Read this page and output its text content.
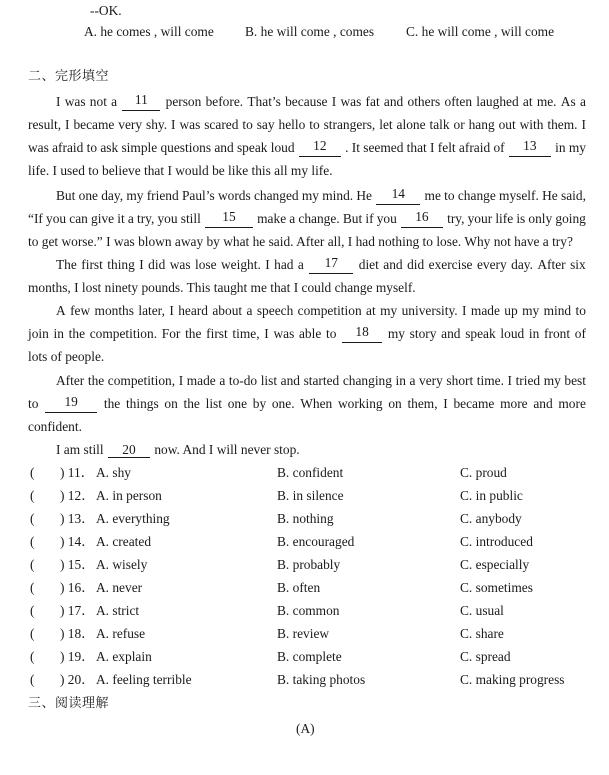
--OK.
A. he comes , will come B. he will come , comes C. he will come , will come
二、完形填空
I was not a	11	person before. That’s because I was fat and others often laughed at me. As a
result, I became very shy. I was scared to say hello to strangers, let alone talk or hang out with them. I
was afraid to ask simple questions and speak loud	12	. It seemed that I felt afraid of	13	in my
life. I used to believe that I would be like this all my life.
But one day, my friend Paul’s words changed my mind. He	14	me to change myself. He said,
“If you can give it a try, you still	15	make a change. But if you	16	try, your life is only going
to get worse.” I was blown away by what he said. After all, I had nothing to lose. Why not have a try?
The first thing I did was lose weight. I had a	17	diet and did exercise every day. After six
months, I lost ninety pounds. This taught me that I could change myself.
A few months later, I heard about a speech competition at my university. I made up my mind to
join in the competition. For the first time, I was able to	18	my story and speak loud in front of
lots of people.
After the competition, I made a to-do list and started changing in a very short time. I tried my best
to	19	the things on the list one by one. When working on them, I became more and more
confident.
I am still 20 now. And I will never stop.
( ) 11． A. shy	B. confident	C. proud
( ) 12． A. in person	B. in silence	C. in public
( ) 13． A. everything	B. nothing	C. anybody
( ) 14． A. created	B. encouraged	C. introduced
( ) 15． A. wisely	B. probably	C. especially
( ) 16． A. never	B. often	C. sometimes
( ) 17． A. strict	B. common	C. usual
( ) 18． A. refuse	B. review	C. share
( ) 19． A. explain	B. complete	C. spread
( ) 20． A. feeling terrible	B. taking photos	C. making progress
三、阅读理解
(A)
